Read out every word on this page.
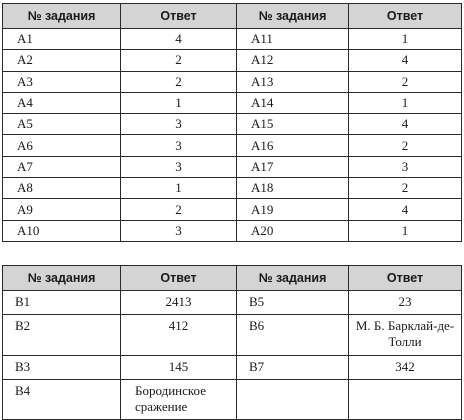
№ задания	Ответ	№ задания	Ответ
A1	4	A11	1
A2	2	A12	4
A3	2	A13	2
A4	1	A14	1
A5	3	A15	4
A6	3	A16	2
A7	3	A17	3
A8	1	A18	2
A9	2	A19	4
A10	3	A20	1
№ задания	Ответ	№ задания	Ответ
B1	2413	B5	23
B2	412	B6	М. Б. Барклай-де-Толли
B3	145	B7	342
B4	Бородинское сражение		
